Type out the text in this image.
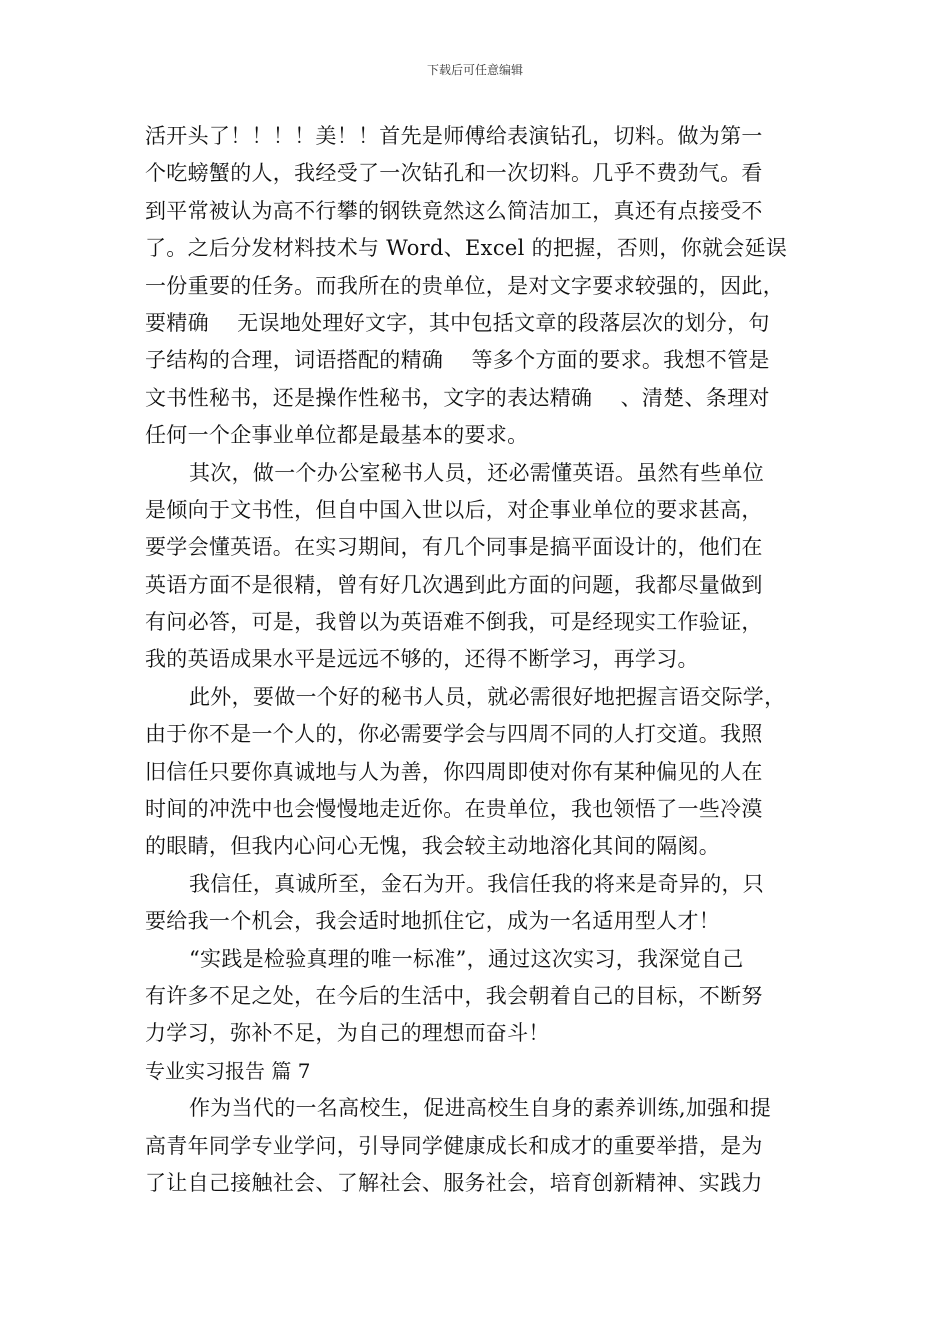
下载后可任意编辑
活开头了！！！！美！！首先是师傅给表演钻孔，切料。做为第一
个吃螃蟹的人，我经受了一次钻孔和一次切料。几乎不费劲气。看
到平常被认为高不行攀的钢铁竟然这么简洁加工，真还有点接受不
了。之后分发材料技术与 Word、Excel 的把握，否则，你就会延误
一份重要的任务。而我所在的贵单位，是对文字要求较强的，因此，
要精确　 无误地处理好文字，其中包括文章的段落层次的划分，句
子结构的合理，词语搭配的精确　 等多个方面的要求。我想不管是
文书性秘书，还是操作性秘书，文字的表达精确　 、清楚、条理对
任何一个企事业单位都是最基本的要求。
其次，做一个办公室秘书人员，还必需懂英语。虽然有些单位
是倾向于文书性，但自中国入世以后，对企事业单位的要求甚高，
要学会懂英语。在实习期间，有几个同事是搞平面设计的，他们在
英语方面不是很精，曾有好几次遇到此方面的问题，我都尽量做到
有问必答，可是，我曾以为英语难不倒我，可是经现实工作验证，
我的英语成果水平是远远不够的，还得不断学习，再学习。
此外，要做一个好的秘书人员，就必需很好地把握言语交际学，
由于你不是一个人的，你必需要学会与四周不同的人打交道。我照
旧信任只要你真诚地与人为善，你四周即使对你有某种偏见的人在
时间的冲洗中也会慢慢地走近你。在贵单位，我也领悟了一些冷漠
的眼睛，但我内心问心无愧，我会较主动地溶化其间的隔阂。
我信任，真诚所至，金石为开。我信任我的将来是奇异的，只
要给我一个机会，我会适时地抓住它，成为一名适用型人才！
“实践是检验真理的唯一标准”，通过这次实习，我深觉自己
有许多不足之处，在今后的生活中，我会朝着自己的目标，不断努
力学习，弥补不足，为自己的理想而奋斗！
专业实习报告 篇 7
作为当代的一名高校生，促进高校生自身的素养训练,加强和提
高青年同学专业学问，引导同学健康成长和成才的重要举措，是为
了让自己接触社会、了解社会、服务社会，培育创新精神、实践力
